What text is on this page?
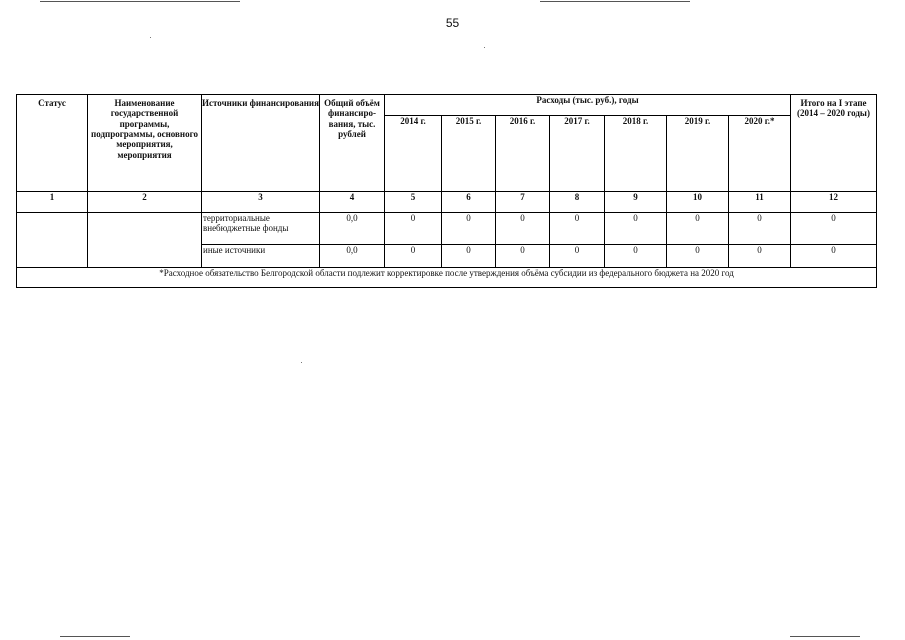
55
Статус	Наименование государственной программы, подпрограммы, основного мероприятия, мероприятия	Источники финансирования	Общий объём финансиро-вания, тыс. рублей	Расходы (тыс. руб.), годы							Итого на I этапе (2014 – 2020 годы)
				2014 г.	2015 г.	2016 г.	2017 г.	2018 г.	2019 г.	2020 г.*	
1	2	3	4	5	6	7	8	9	10	11	12
		территориальные внебюджетные фонды	0,0	0	0	0	0	0	0	0	0
		иные источники	0,0	0	0	0	0	0	0	0	0
*Расходное обязательство Белгородской области подлежит корректировке после утверждения объёма субсидии из федерального бюджета на 2020 год											
